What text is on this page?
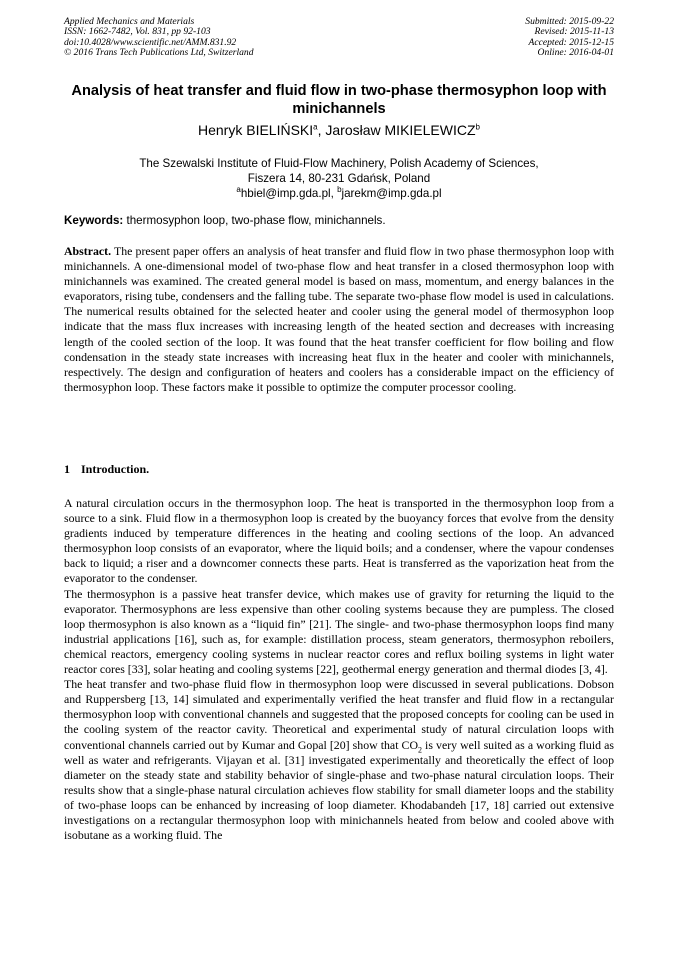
Applied Mechanics and Materials
ISSN: 1662-7482, Vol. 831, pp 92-103
doi:10.4028/www.scientific.net/AMM.831.92
© 2016 Trans Tech Publications Ltd, Switzerland
Submitted: 2015-09-22
Revised: 2015-11-13
Accepted: 2015-12-15
Online: 2016-04-01
Analysis of heat transfer and fluid flow in two-phase thermosyphon loop with minichannels
Henryk BIELIŃSKI$^a$, Jarosław MIKIELEWICZ$^b$
The Szewalski Institute of Fluid-Flow Machinery, Polish Academy of Sciences,
Fiszera 14, 80-231 Gdańsk, Poland
$^a$hbiel@imp.gda.pl, $^b$jarekm@imp.gda.pl
Keywords: thermosyphon loop, two-phase flow, minichannels.
Abstract. The present paper offers an analysis of heat transfer and fluid flow in two phase thermosyphon loop with minichannels. A one-dimensional model of two-phase flow and heat transfer in a closed thermosyphon loop with minichannels was examined. The created general model is based on mass, momentum, and energy balances in the evaporators, rising tube, condensers and the falling tube. The separate two-phase flow model is used in calculations. The numerical results obtained for the selected heater and cooler using the general model of thermosyphon loop indicate that the mass flux increases with increasing length of the heated section and decreases with increasing length of the cooled section of the loop. It was found that the heat transfer coefficient for flow boiling and flow condensation in the steady state increases with increasing heat flux in the heater and cooler with minichannels, respectively. The design and configuration of heaters and coolers has a considerable impact on the efficiency of thermosyphon loop. These factors make it possible to optimize the computer processor cooling.
1 Introduction.

A natural circulation occurs in the thermosyphon loop. The heat is transported in the thermosyphon loop from a source to a sink. Fluid flow in a thermosyphon loop is created by the buoyancy forces that evolve from the density gradients induced by temperature differences in the heating and cooling sections of the loop. An advanced thermosyphon loop consists of an evaporator, where the liquid boils; and a condenser, where the vapour condenses back to liquid; a riser and a downcomer connects these parts. Heat is transferred as the vaporization heat from the evaporator to the condenser.

The thermosyphon is a passive heat transfer device, which makes use of gravity for returning the liquid to the evaporator. Thermosyphons are less expensive than other cooling systems because they are pumpless. The closed loop thermosyphon is also known as a “liquid fin” [21]. The single- and two-phase thermosyphon loops find many industrial applications [16], such as, for example: distillation process, steam generators, thermosyphon reboilers, chemical reactors, emergency cooling systems in nuclear reactor cores and reflux boiling systems in light water reactor cores [33], solar heating and cooling systems [22], geothermal energy generation and thermal diodes [3, 4].

The heat transfer and two-phase fluid flow in thermosyphon loop were discussed in several publications. Dobson and Ruppersberg [13, 14] simulated and experimentally verified the heat transfer and fluid flow in a rectangular thermosyphon loop with conventional channels and suggested that the proposed concepts for cooling can be used in the cooling system of the reactor cavity. Theoretical and experimental study of natural circulation loops with conventional channels carried out by Kumar and Gopal [20] show that $CO_2$ is very well suited as a working fluid as well as water and refrigerants. Vijayan et al. [31] investigated experimentally and theoretically the effect of loop diameter on the steady state and stability behavior of single-phase and two-phase natural circulation loops. Their results show that a single-phase natural circulation achieves flow stability for small diameter loops and the stability of two-phase loops can be enhanced by increasing of loop diameter. Khodabandeh [17, 18] carried out extensive investigations on a rectangular thermosyphon loop with minichannels heated from below and cooled above with isobutane as a working fluid. The
